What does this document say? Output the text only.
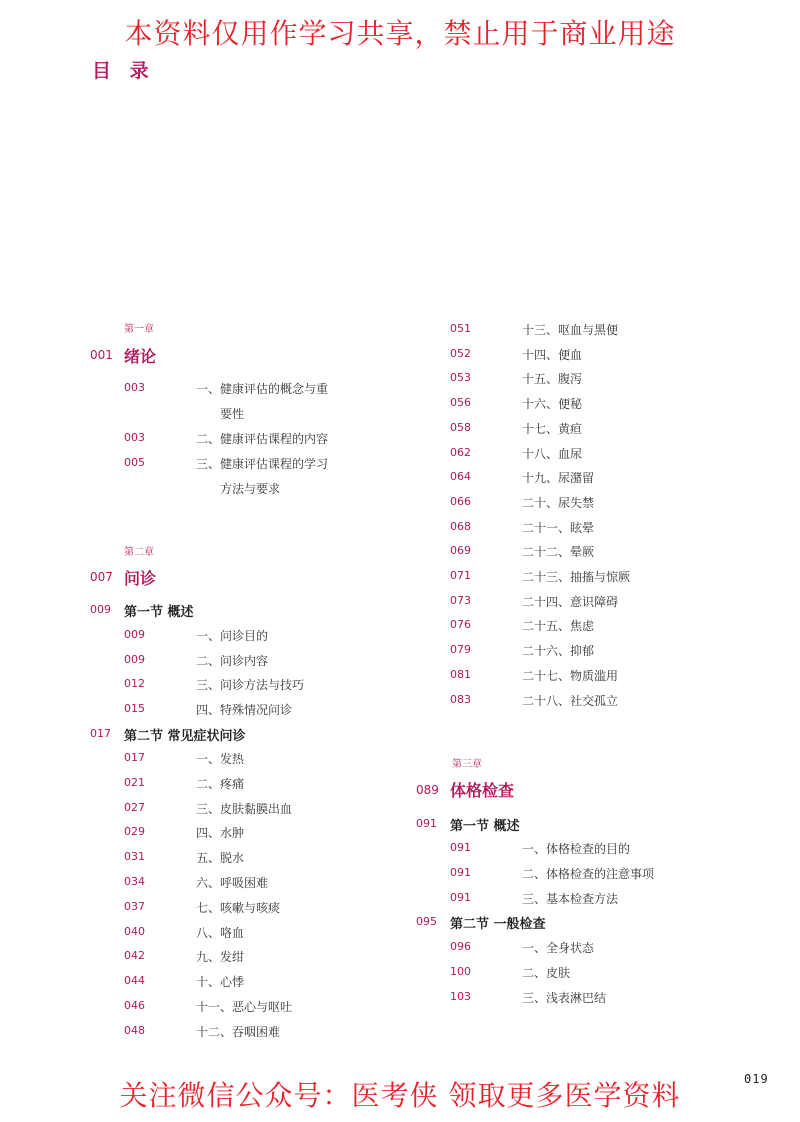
本资料仅用作学习共享，禁止用于商业用途
目 录
第一章
001 绪论
003	一、健康评估的概念与重
要性
003	二、健康评估课程的内容
005	三、健康评估课程的学习
方法与要求
第二章
007 问诊
009 第一节 概述
009	一、问诊目的
009	二、问诊内容
012	三、问诊方法与技巧
015	四、特殊情况问诊
017 第二节 常见症状问诊
017	一、发热
021	二、疼痛
027	三、皮肤黏膜出血
029	四、水肿
031	五、脱水
034	六、呼吸困难
037	七、咳嗽与咳痰
040	八、咯血
042	九、发绀
044	十、心悸
046	十一、恶心与呕吐
048	十二、吞咽困难
051	十三、呕血与黑便
052	十四、便血
053	十五、腹泻
056	十六、便秘
058	十七、黄疸
062	十八、血尿
064	十九、尿潴留
066	二十、尿失禁
068	二十一、眩晕
069	二十二、晕厥
071	二十三、抽搐与惊厥
073	二十四、意识障碍
076	二十五、焦虑
079	二十六、抑郁
081	二十七、物质滥用
083	二十八、社交孤立
第三章
089 体格检查
091 第一节 概述
091	一、体格检查的目的
091	二、体格检查的注意事项
091	三、基本检查方法
095 第二节 一般检查
096	一、全身状态
100	二、皮肤
103	三、浅表淋巴结
019
关注微信公众号：医考侠 领取更多医学资料
